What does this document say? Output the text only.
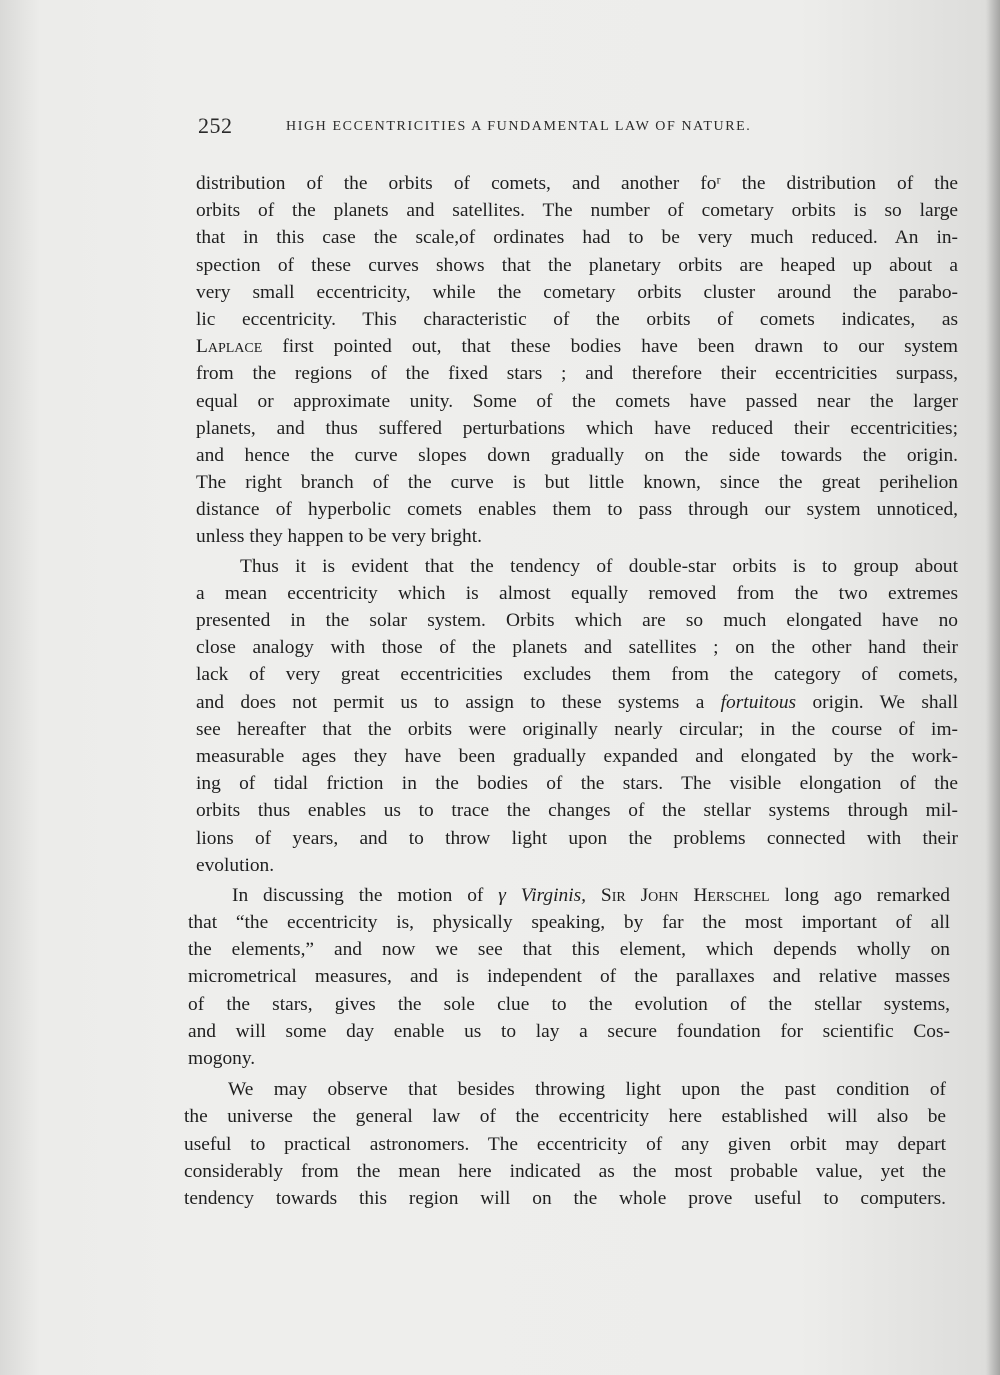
252	HIGH ECCENTRICITIES A FUNDAMENTAL LAW OF NATURE.
distribution of the orbits of comets, and another foʳ the distribution of the
orbits of the planets and satellites. The number of cometary orbits is so large
that in this case the scale,of ordinates had to be very much reduced. An in-
spection of these curves shows that the planetary orbits are heaped up about a
very small eccentricity, while the cometary orbits cluster around the parabo-
lic eccentricity. This characteristic of the orbits of comets indicates, as
Laplace first pointed out, that these bodies have been drawn to our system
from the regions of the fixed stars ; and therefore their eccentricities surpass,
equal or approximate unity. Some of the comets have passed near the larger
planets, and thus suffered perturbations which have reduced their eccentricities;
and hence the curve slopes down gradually on the side towards the origin.
The right branch of the curve is but little known, since the great perihelion
distance of hyperbolic comets enables them to pass through our system unnoticed,
unless they happen to be very bright.
Thus it is evident that the tendency of double-star orbits is to group about
a mean eccentricity which is almost equally removed from the two extremes
presented in the solar system. Orbits which are so much elongated have no
close analogy with those of the planets and satellites ; on the other hand their
lack of very great eccentricities excludes them from the category of comets,
and does not permit us to assign to these systems a fortuitous origin. We shall
see hereafter that the orbits were originally nearly circular; in the course of im-
measurable ages they have been gradually expanded and elongated by the work-
ing of tidal friction in the bodies of the stars. The visible elongation of the
orbits thus enables us to trace the changes of the stellar systems through mil-
lions of years, and to throw light upon the problems connected with their
evolution.
In discussing the motion of γ Virginis, Sir John Herschel long ago remarked
that “the eccentricity is, physically speaking, by far the most important of all
the elements,” and now we see that this element, which depends wholly on
micrometrical measures, and is independent of the parallaxes and relative masses
of the stars, gives the sole clue to the evolution of the stellar systems,
and will some day enable us to lay a secure foundation for scientific Cos-
mogony.
We may observe that besides throwing light upon the past condition of
the universe the general law of the eccentricity here established will also be
useful to practical astronomers. The eccentricity of any given orbit may depart
considerably from the mean here indicated as the most probable value, yet the
tendency towards this region will on the whole prove useful to computers.
